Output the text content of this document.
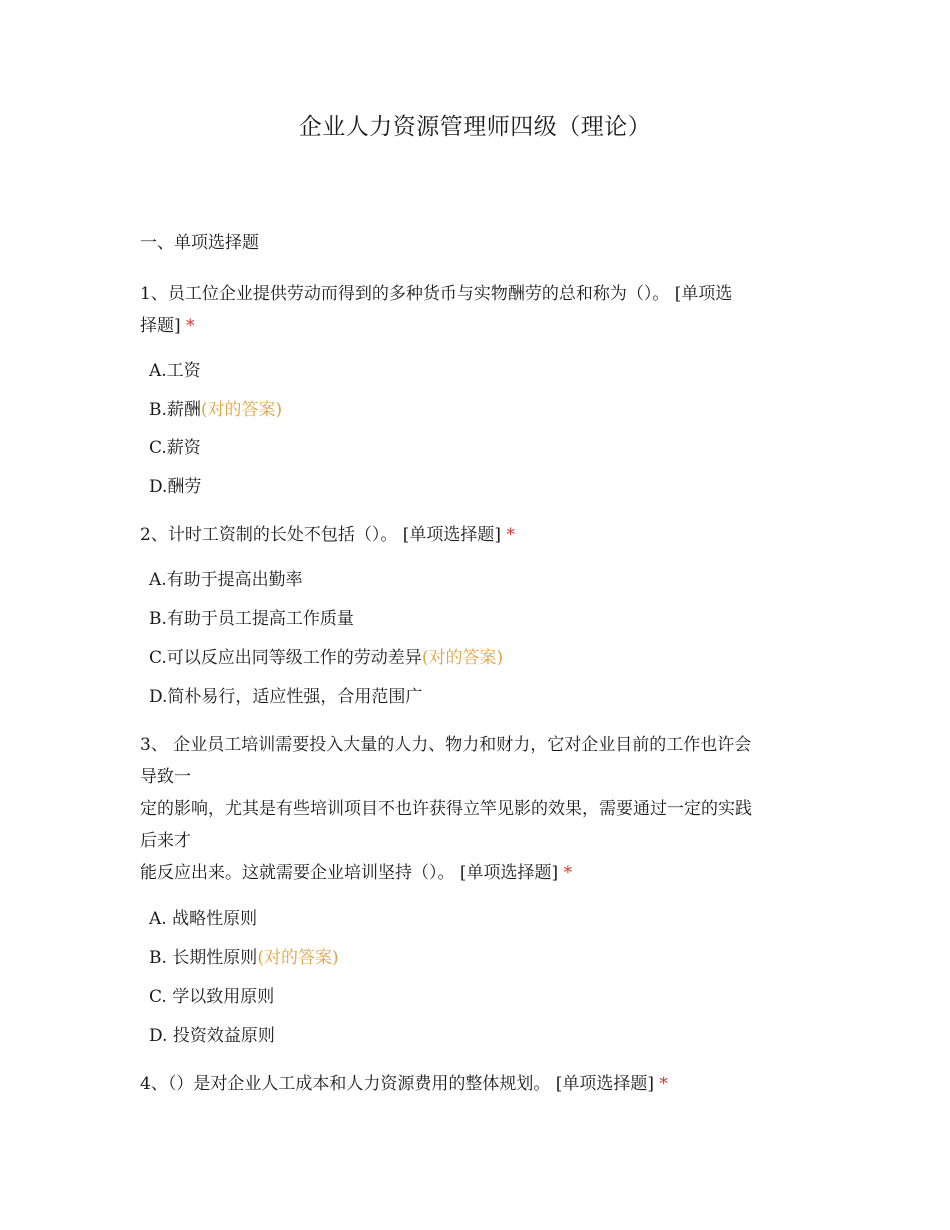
企业人力资源管理师四级（理论）
一、单项选择题
1、员工位企业提供劳动而得到的多种货币与实物酬劳的总和称为（）。 [单项选
择题] *
A.工资
B.薪酬(对的答案)
C.薪资
D.酬劳
2、计时工资制的长处不包括（）。 [单项选择题] *
A.有助于提高出勤率
B.有助于员工提高工作质量
C.可以反应出同等级工作的劳动差异(对的答案)
D.简朴易行，适应性强，合用范围广
3、 企业员工培训需要投入大量的人力、物力和财力，它对企业目前的工作也许会
导致一
定的影响，尤其是有些培训项目不也许获得立竿见影的效果，需要通过一定的实践
后来才
能反应出来。这就需要企业培训坚持（）。 [单项选择题] *
A. 战略性原则
B. 长期性原则(对的答案)
C. 学以致用原则
D. 投资效益原则
4、（）是对企业人工成本和人力资源费用的整体规划。 [单项选择题] *
